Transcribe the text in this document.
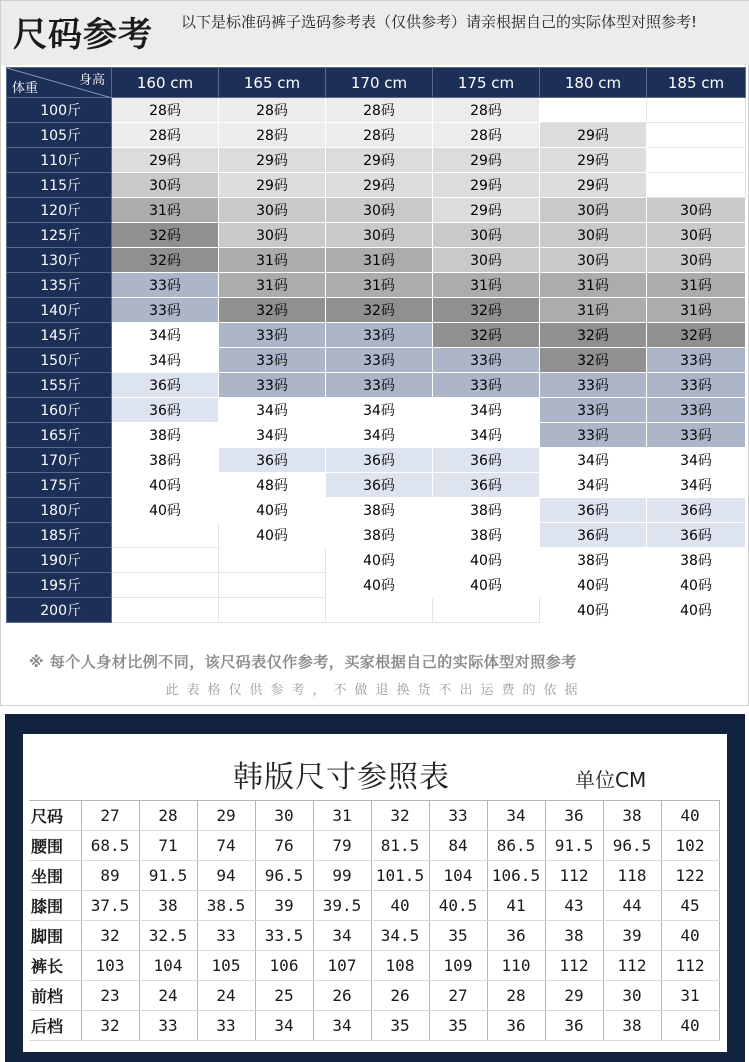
尺码参考 以下是标准码裤子选码参考表（仅供参考）请亲根据自己的实际体型对照参考!
身高
体重	160 cm	165 cm	170 cm	175 cm	180 cm	185 cm
100斤	28码	28码	28码	28码		
105斤	28码	28码	28码	28码	29码	
110斤	29码	29码	29码	29码	29码	
115斤	30码	29码	29码	29码	29码	
120斤	31码	30码	30码	29码	30码	30码
125斤	32码	30码	30码	30码	30码	30码
130斤	32码	31码	31码	30码	30码	30码
135斤	33码	31码	31码	31码	31码	31码
140斤	33码	32码	32码	32码	31码	31码
145斤	34码	33码	33码	32码	32码	32码
150斤	34码	33码	33码	33码	32码	33码
155斤	36码	33码	33码	33码	33码	33码
160斤	36码	34码	34码	34码	33码	33码
165斤	38码	34码	34码	34码	33码	33码
170斤	38码	36码	36码	36码	34码	34码
175斤	40码	48码	36码	36码	34码	34码
180斤	40码	40码	38码	38码	36码	36码
185斤		40码	38码	38码	36码	36码
190斤			40码	40码	38码	38码
195斤			40码	40码	40码	40码
200斤					40码	40码
※ 每个人身材比例不同，该尺码表仅作参考，买家根据自己的实际体型对照参考
此表格仅供参考，不做退换货不出运费的依据
韩版尺寸参照表	单位CM
尺码	27	28	29	30	31	32	33	34	36	38	40
腰围	68.5	71	74	76	79	81.5	84	86.5	91.5	96.5	102
坐围	89	91.5	94	96.5	99	101.5	104	106.5	112	118	122
膝围	37.5	38	38.5	39	39.5	40	40.5	41	43	44	45
脚围	32	32.5	33	33.5	34	34.5	35	36	38	39	40
裤长	103	104	105	106	107	108	109	110	112	112	112
前档	23	24	24	25	26	26	27	28	29	30	31
后档	32	33	33	34	34	35	35	36	36	38	40
